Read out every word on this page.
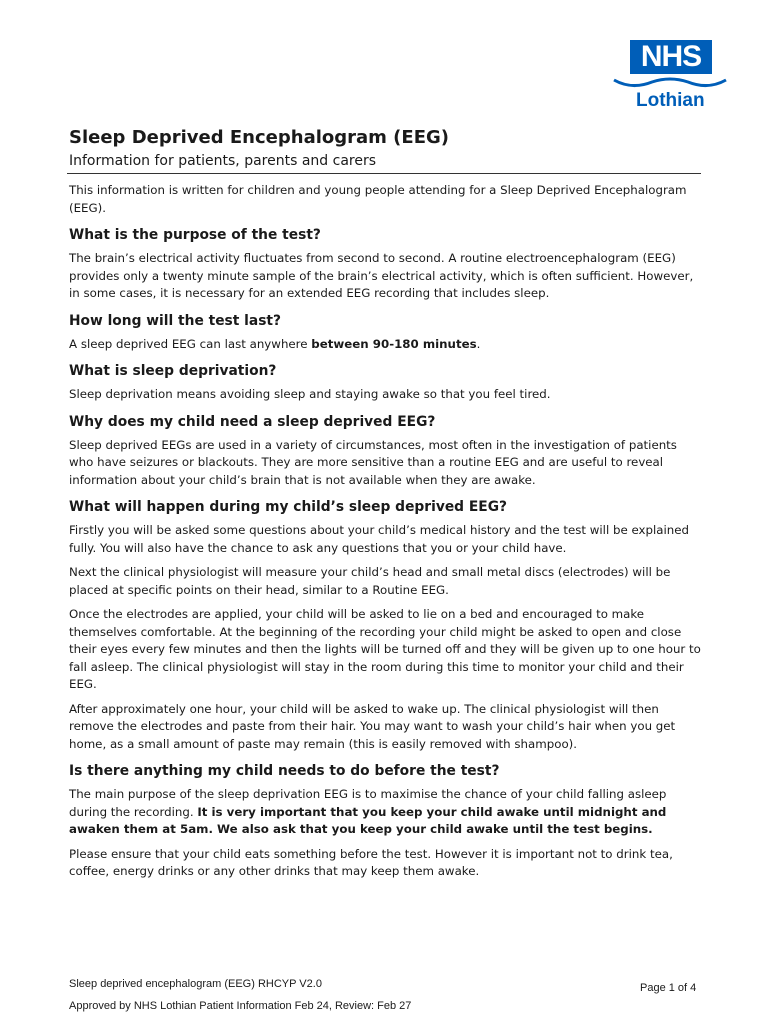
NHS
Lothian
Sleep Deprived Encephalogram (EEG)
Information for patients, parents and carers

This information is written for children and young people attending for a Sleep Deprived Encephalogram (EEG).

What is the purpose of the test?

The brain’s electrical activity fluctuates from second to second. A routine electroencephalogram (EEG) provides only a twenty minute sample of the brain’s electrical activity, which is often sufficient. However, in some cases, it is necessary for an extended EEG recording that includes sleep.

How long will the test last?

A sleep deprived EEG can last anywhere between 90-180 minutes.

What is sleep deprivation?

Sleep deprivation means avoiding sleep and staying awake so that you feel tired.

Why does my child need a sleep deprived EEG?

Sleep deprived EEGs are used in a variety of circumstances, most often in the investigation of patients who have seizures or blackouts. They are more sensitive than a routine EEG and are useful to reveal information about your child’s brain that is not available when they are awake.

What will happen during my child’s sleep deprived EEG?

Firstly you will be asked some questions about your child’s medical history and the test will be explained fully. You will also have the chance to ask any questions that you or your child have.

Next the clinical physiologist will measure your child’s head and small metal discs (electrodes) will be placed at specific points on their head, similar to a Routine EEG.

Once the electrodes are applied, your child will be asked to lie on a bed and encouraged to make themselves comfortable. At the beginning of the recording your child might be asked to open and close their eyes every few minutes and then the lights will be turned off and they will be given up to one hour to fall asleep. The clinical physiologist will stay in the room during this time to monitor your child and their EEG.

After approximately one hour, your child will be asked to wake up. The clinical physiologist will then remove the electrodes and paste from their hair. You may want to wash your child’s hair when you get home, as a small amount of paste may remain (this is easily removed with shampoo).

Is there anything my child needs to do before the test?

The main purpose of the sleep deprivation EEG is to maximise the chance of your child falling asleep during the recording. It is very important that you keep your child awake until midnight and awaken them at 5am. We also ask that you keep your child awake until the test begins.

Please ensure that your child eats something before the test. However it is important not to drink tea, coffee, energy drinks or any other drinks that may keep them awake.

Sleep deprived encephalogram (EEG) RHCYP V2.0
Approved by NHS Lothian Patient Information Feb 24, Review: Feb 27
Page 1 of 4
